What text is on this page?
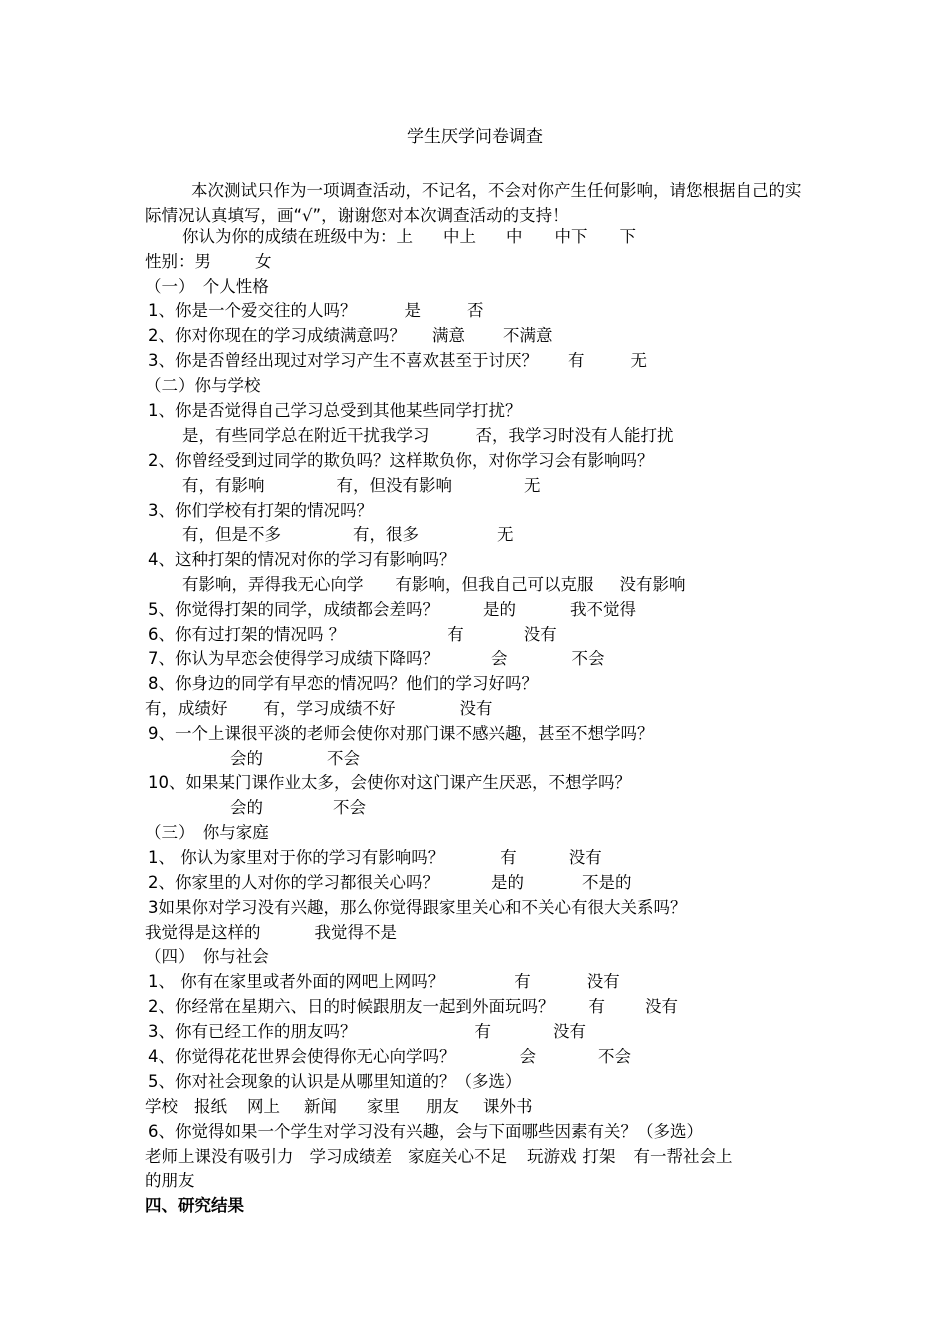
学生厌学问卷调查
本次测试只作为一项调查活动，不记名，不会对你产生任何影响，请您根据自己的实际情况认真填写，画“√”，谢谢您对本次调查活动的支持！
你认为你的成绩在班级中为：上 中上 中 中下 下
性别：男	女
（一）　个人性格
1、你是一个爱交往的人吗？	是	否
2、你对你现在的学习成绩满意吗？ 满意 不满意
3、你是否曾经出现过对学习产生不喜欢甚至于讨厌？ 有	无
（二）你与学校
1、你是否觉得自己学习总受到其他某些同学打扰？
是，有些同学总在附近干扰我学习	否，我学习时没有人能打扰
2、你曾经受到过同学的欺负吗？这样欺负你，对你学习会有影响吗？
有，有影响	有，但没有影响	无
3、你们学校有打架的情况吗？
有，但是不多	有，很多	无
4、这种打架的情况对你的学习有影响吗？
有影响，弄得我无心向学 有影响，但我自己可以克服 没有影响
5、你觉得打架的同学，成绩都会差吗？	是的	我不觉得
6、你有过打架的情况吗 ？	有	没有
7、你认为早恋会使得学习成绩下降吗？	会	不会
8、你身边的同学有早恋的情况吗？他们的学习好吗？
有，成绩好 有，学习成绩不好	没有
9、一个上课很平淡的老师会使你对那门课不感兴趣，甚至不想学吗？
会的	不会
10、如果某门课作业太多，会使你对这门课产生厌恶，不想学吗？
会的	不会
（三）　你与家庭
1、 你认为家里对于你的学习有影响吗？	有	没有
2、你家里的人对你的学习都很关心吗？	是的	不是的
3如果你对学习没有兴趣，那么你觉得跟家里关心和不关心有很大关系吗？
我觉得是这样的	我觉得不是
（四）　你与社会
1、 你有在家里或者外面的网吧上网吗？	有	没有
2、你经常在星期六、日的时候跟朋友一起到外面玩吗？ 有 没有
3、你有已经工作的朋友吗？	有	没有
4、你觉得花花世界会使得你无心向学吗？	会	不会
5、你对社会现象的认识是从哪里知道的？（多选）
学校 报纸 网上 新闻 家里 朋友 课外书
6、你觉得如果一个学生对学习没有兴趣，会与下面哪些因素有关？（多选）
老师上课没有吸引力 学习成绩差 家庭关心不足 玩游戏 打架 有一帮社会上
的朋友
四、研究结果
